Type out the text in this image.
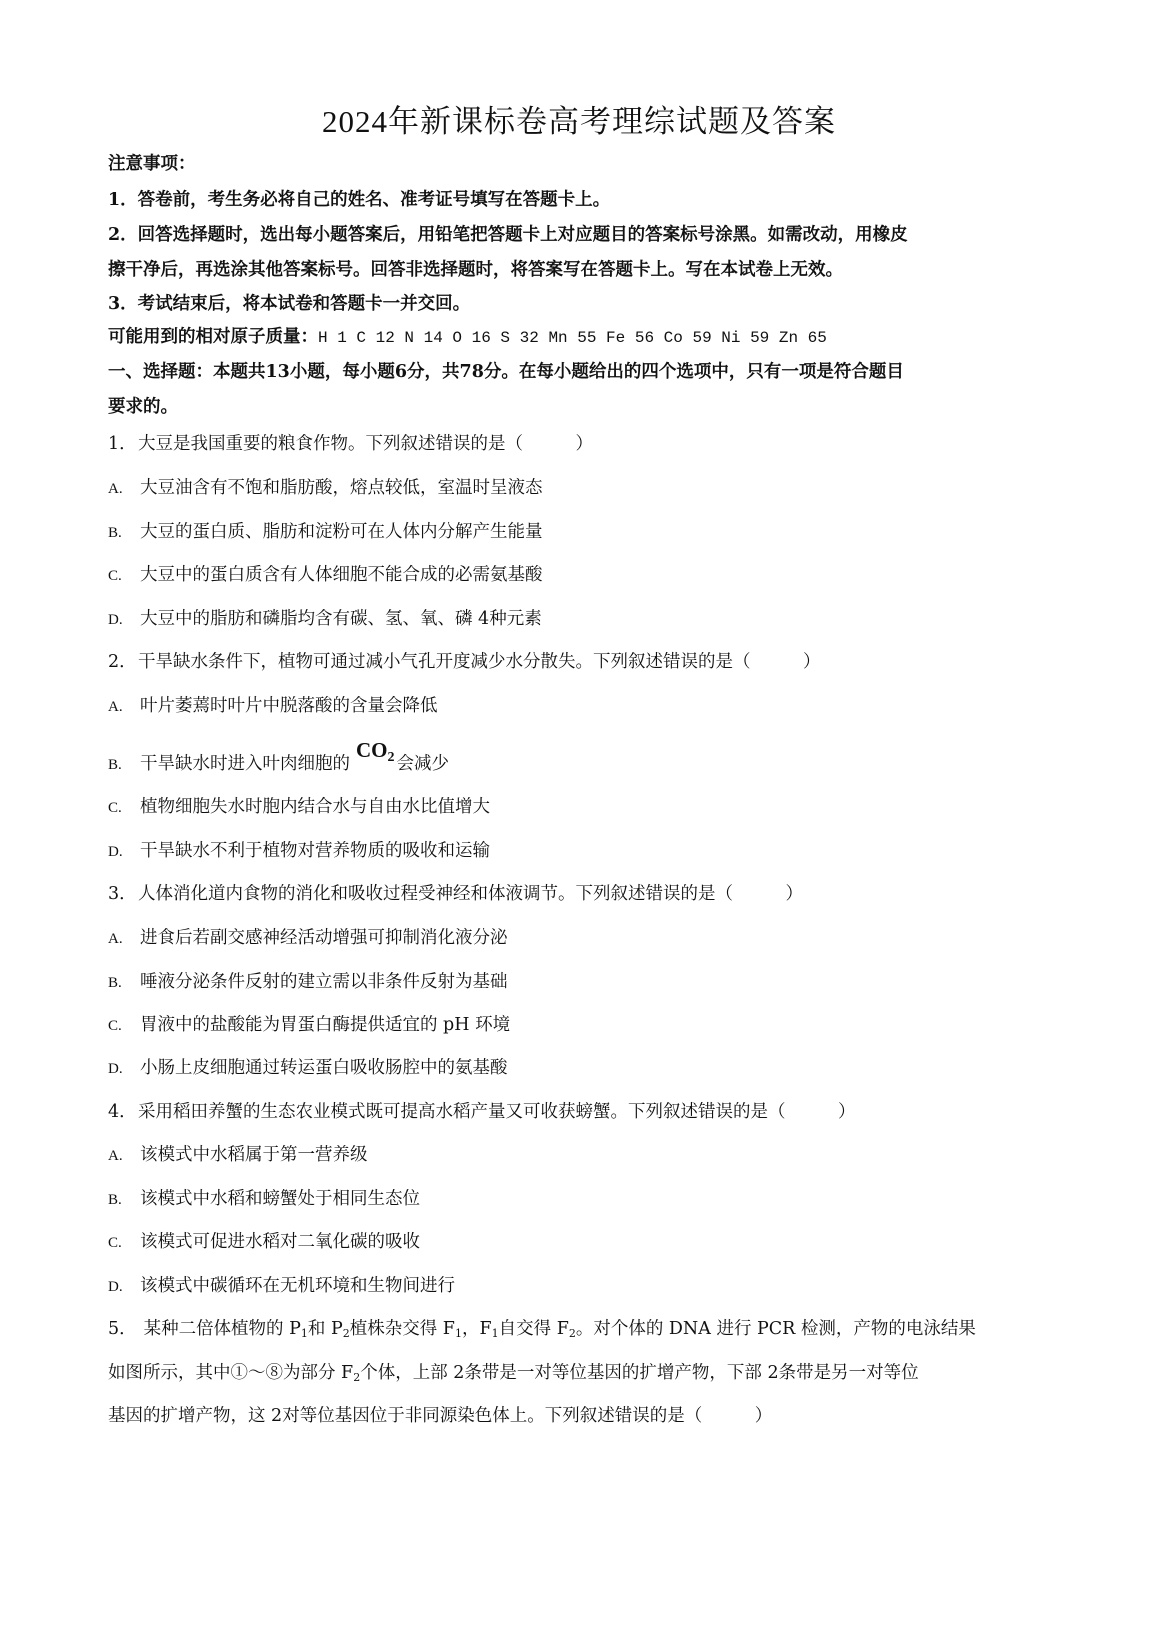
2024年新课标卷高考理综试题及答案
注意事项：
1．答卷前，考生务必将自己的姓名、准考证号填写在答题卡上。
2．回答选择题时，选出每小题答案后，用铅笔把答题卡上对应题目的答案标号涂黑。如需改动，用橡皮
擦干净后，再选涂其他答案标号。回答非选择题时，将答案写在答题卡上。写在本试卷上无效。
3．考试结束后，将本试卷和答题卡一并交回。
可能用到的相对原子质量：H 1 C 12 N 14 O 16 S 32 Mn 55 Fe 56 Co 59 Ni 59 Zn 65
一、选择题：本题共13小题，每小题6分，共78分。在每小题给出的四个选项中，只有一项是符合题目
要求的。
1．大豆是我国重要的粮食作物。下列叙述错误的是（　　　）
A. 大豆油含有不饱和脂肪酸，熔点较低，室温时呈液态
B. 大豆的蛋白质、脂肪和淀粉可在人体内分解产生能量
C. 大豆中的蛋白质含有人体细胞不能合成的必需氨基酸
D. 大豆中的脂肪和磷脂均含有碳、氢、氧、磷 4种元素
2．干旱缺水条件下，植物可通过减小气孔开度减少水分散失。下列叙述错误的是（　　　）
A. 叶片萎蔫时叶片中脱落酸的含量会降低
B. 干旱缺水时进入叶肉细胞的$CO_2$ 会减少
C. 植物细胞失水时胞内结合水与自由水比值增大
D. 干旱缺水不利于植物对营养物质的吸收和运输
3．人体消化道内食物的消化和吸收过程受神经和体液调节。下列叙述错误的是（　　　）
A. 进食后若副交感神经活动增强可抑制消化液分泌
B. 唾液分泌条件反射的建立需以非条件反射为基础
C. 胃液中的盐酸能为胃蛋白酶提供适宜的 pH 环境
D. 小肠上皮细胞通过转运蛋白吸收肠腔中的氨基酸
4．采用稻田养蟹的生态农业模式既可提高水稻产量又可收获螃蟹。下列叙述错误的是（　　　）
A. 该模式中水稻属于第一营养级
B. 该模式中水稻和螃蟹处于相同生态位
C. 该模式可促进水稻对二氧化碳的吸收
D. 该模式中碳循环在无机环境和生物间进行
5． 某种二倍体植物的 $P_1$和 $P_2$植株杂交得 $F_1$，$F_1$自交得 $F_2$。对个体的 DNA 进行 PCR 检测，产物的电泳结果
如图所示，其中①～⑧为部分 $F_2$个体，上部 2条带是一对等位基因的扩增产物，下部 2条带是另一对等位
基因的扩增产物，这 2对等位基因位于非同源染色体上。下列叙述错误的是（　　　）
